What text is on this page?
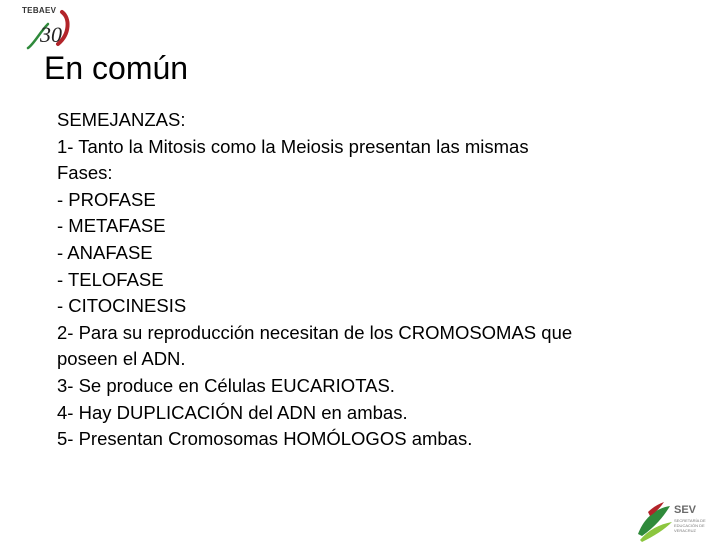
30
TEBAEV
En común
SEMEJANZAS:
1- Tanto la Mitosis como la Meiosis presentan las mismas
Fases:
- PROFASE
- METAFASE
- ANAFASE
- TELOFASE
- CITOCINESIS
2- Para su reproducción necesitan de los CROMOSOMAS que
poseen el ADN.
3- Se produce en Células EUCARIOTAS.
4- Hay DUPLICACIÓN del ADN en ambas.
5- Presentan Cromosomas HOMÓLOGOS ambas.
SEV
SECRETARÍA DE EDUCACIÓN DE VERACRUZ
